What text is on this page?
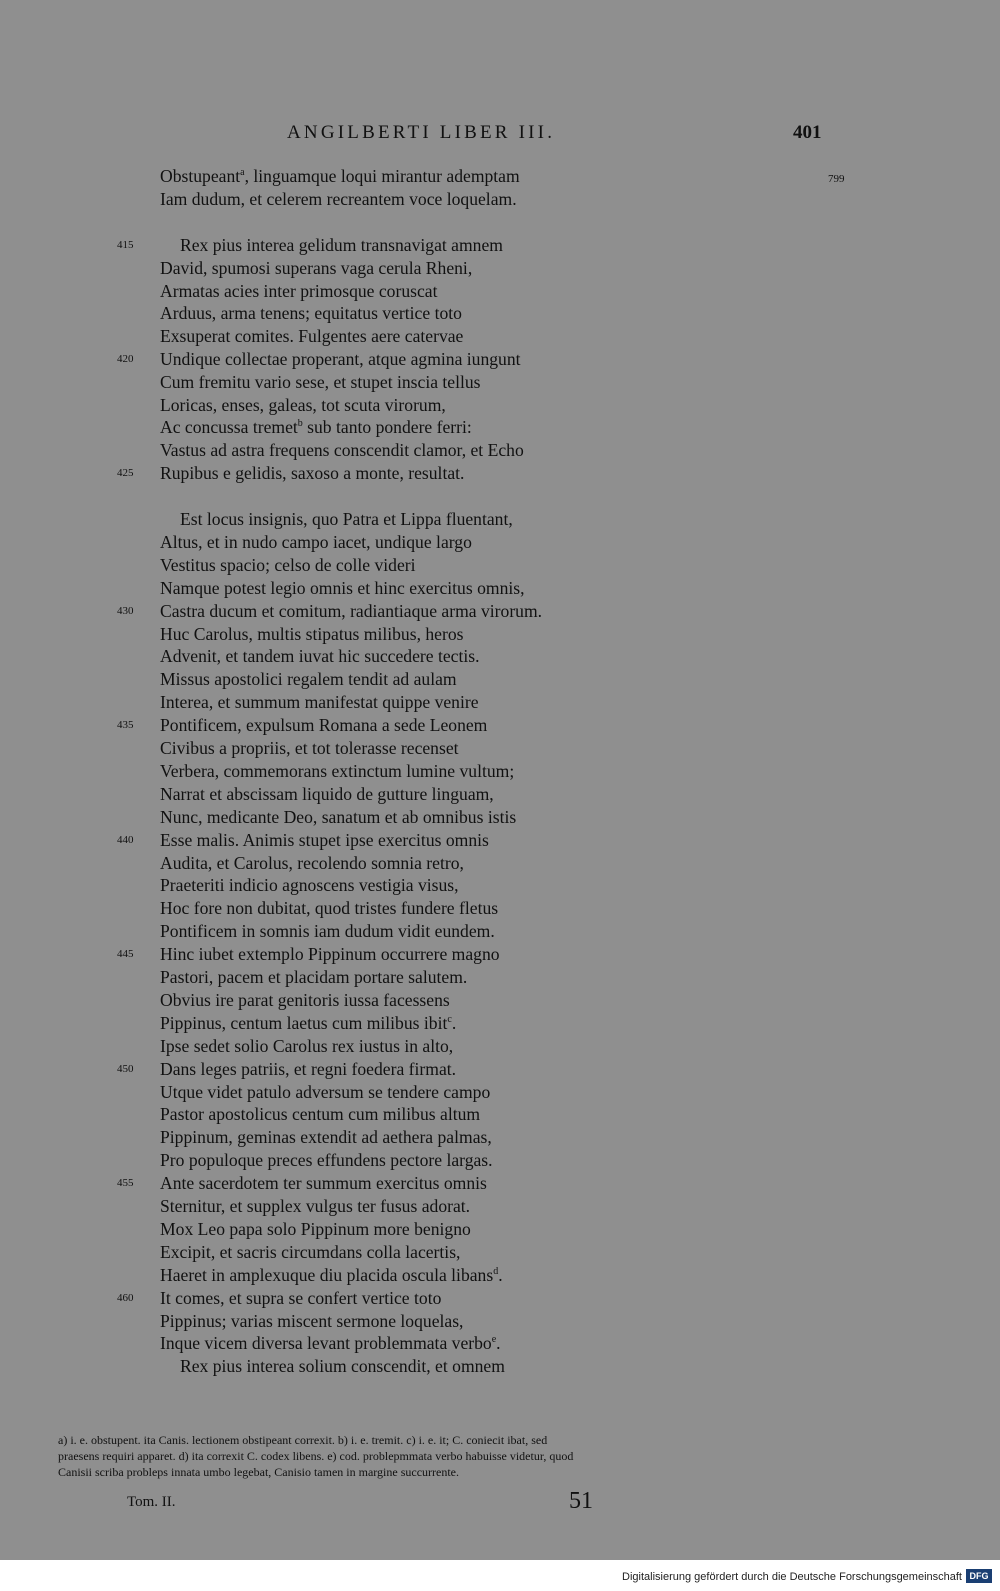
ANGILBERTI LIBER III.	401
799
Obstupeant$^a$, linguamque loqui mirantur ademptam
Iam dudum, et celerem recreantem voce loquelam.
Rex pius interea gelidum transnavigat amnem
415
David, spumosi superans vaga cerula Rheni,
Armatas acies inter primosque coruscat
Arduus, arma tenens; equitatus vertice toto
Exsuperat comites. Fulgentes aere catervae
Undique collectae properant, atque agmina iungunt
420
Cum fremitu vario sese, et stupet inscia tellus
Loricas, enses, galeas, tot scuta virorum,
Ac concussa tremet$^b$ sub tanto pondere ferri:
Vastus ad astra frequens conscendit clamor, et Echo
Rupibus e gelidis, saxoso a monte, resultat.
425
Est locus insignis, quo Patra et Lippa fluentant,
Altus, et in nudo campo iacet, undique largo
Vestitus spacio; celso de colle videri
Namque potest legio omnis et hinc exercitus omnis,
Castra ducum et comitum, radiantiaque arma virorum.
430
Huc Carolus, multis stipatus milibus, heros
Advenit, et tandem iuvat hic succedere tectis.
Missus apostolici regalem tendit ad aulam
Interea, et summum manifestat quippe venire
Pontificem, expulsum Romana a sede Leonem
435
Civibus a propriis, et tot tolerasse recenset
Verbera, commemorans extinctum lumine vultum;
Narrat et abscissam liquido de gutture linguam,
Nunc, medicante Deo, sanatum et ab omnibus istis
Esse malis. Animis stupet ipse exercitus omnis
440
Audita, et Carolus, recolendo somnia retro,
Praeteriti indicio agnoscens vestigia visus,
Hoc fore non dubitat, quod tristes fundere fletus
Pontificem in somnis iam dudum vidit eundem.
Hinc iubet extemplo Pippinum occurrere magno
445
Pastori, pacem et placidam portare salutem.
Obvius ire parat genitoris iussa facessens
Pippinus, centum laetus cum milibus ibit$^c$.
Ipse sedet solio Carolus rex iustus in alto,
Dans leges patriis, et regni foedera firmat.
450
Utque videt patulo adversum se tendere campo
Pastor apostolicus centum cum milibus altum
Pippinum, geminas extendit ad aethera palmas,
Pro populoque preces effundens pectore largas.
Ante sacerdotem ter summum exercitus omnis
455
Sternitur, et supplex vulgus ter fusus adorat.
Mox Leo papa solo Pippinum more benigno
Excipit, et sacris circumdans colla lacertis,
Haeret in amplexuque diu placida oscula libans$^d$.
It comes, et supra se confert vertice toto
460
Pippinus; varias miscent sermone loquelas,
Inque vicem diversa levant problemmata verbo$^e$.
Rex pius interea solium conscendit, et omnem
a) i. e. obstupent. ita Canis. lectionem obstipeant correxit. b) i. e. tremit. c) i. e. it; C. coniecit ibat, sed
praesens requiri apparet. d) ita correxit C. codex libens. e) cod. problepmmata verbo habuisse videtur, quod
Canisii scriba probleps innata umbo legebat, Canisio tamen in margine succurrente.
Tom. II.	51
Digitalisierung gefördert durch die Deutsche Forschungsgemeinschaft DFG
